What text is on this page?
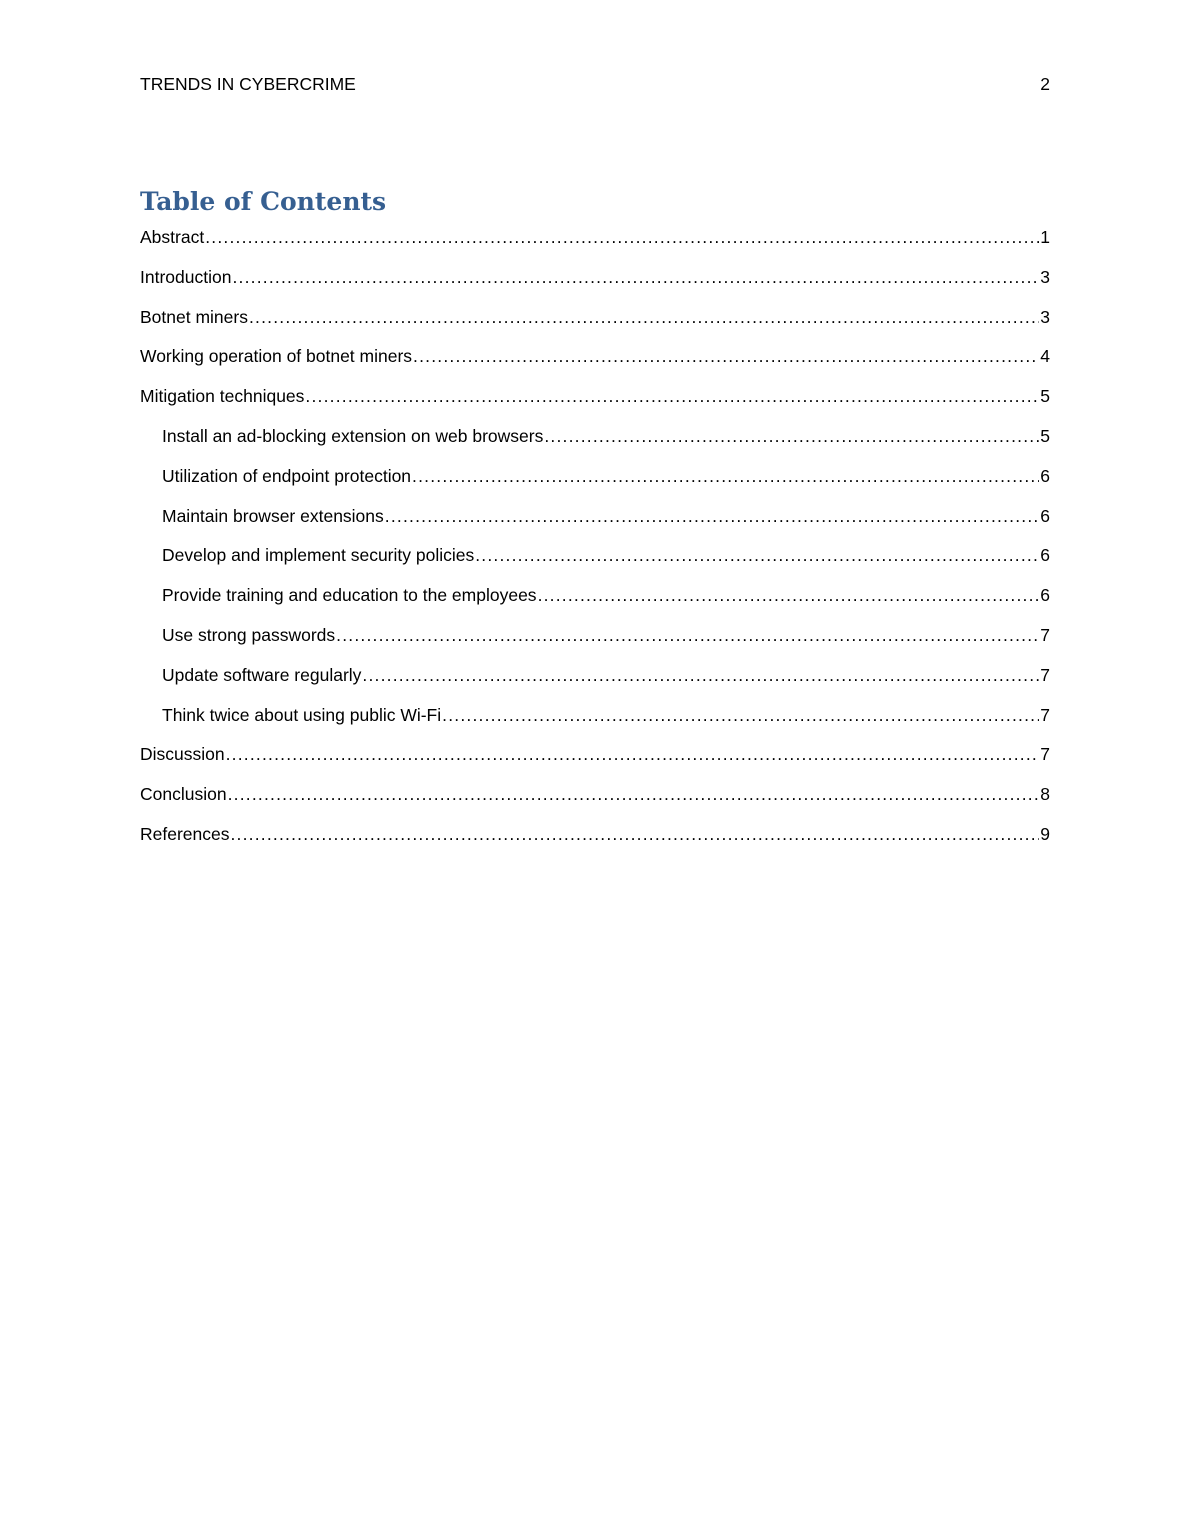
TRENDS IN CYBERCRIME	2
Table of Contents
Abstract .....	1
Introduction .....	3
Botnet miners .....	3
Working operation of botnet miners .....	4
Mitigation techniques .....	5
Install an ad-blocking extension on web browsers .....	5
Utilization of endpoint protection .....	6
Maintain browser extensions .....	6
Develop and implement security policies .....	6
Provide training and education to the employees .....	6
Use strong passwords .....	7
Update software regularly .....	7
Think twice about using public Wi-Fi .....	7
Discussion .....	7
Conclusion .....	8
References .....	9
